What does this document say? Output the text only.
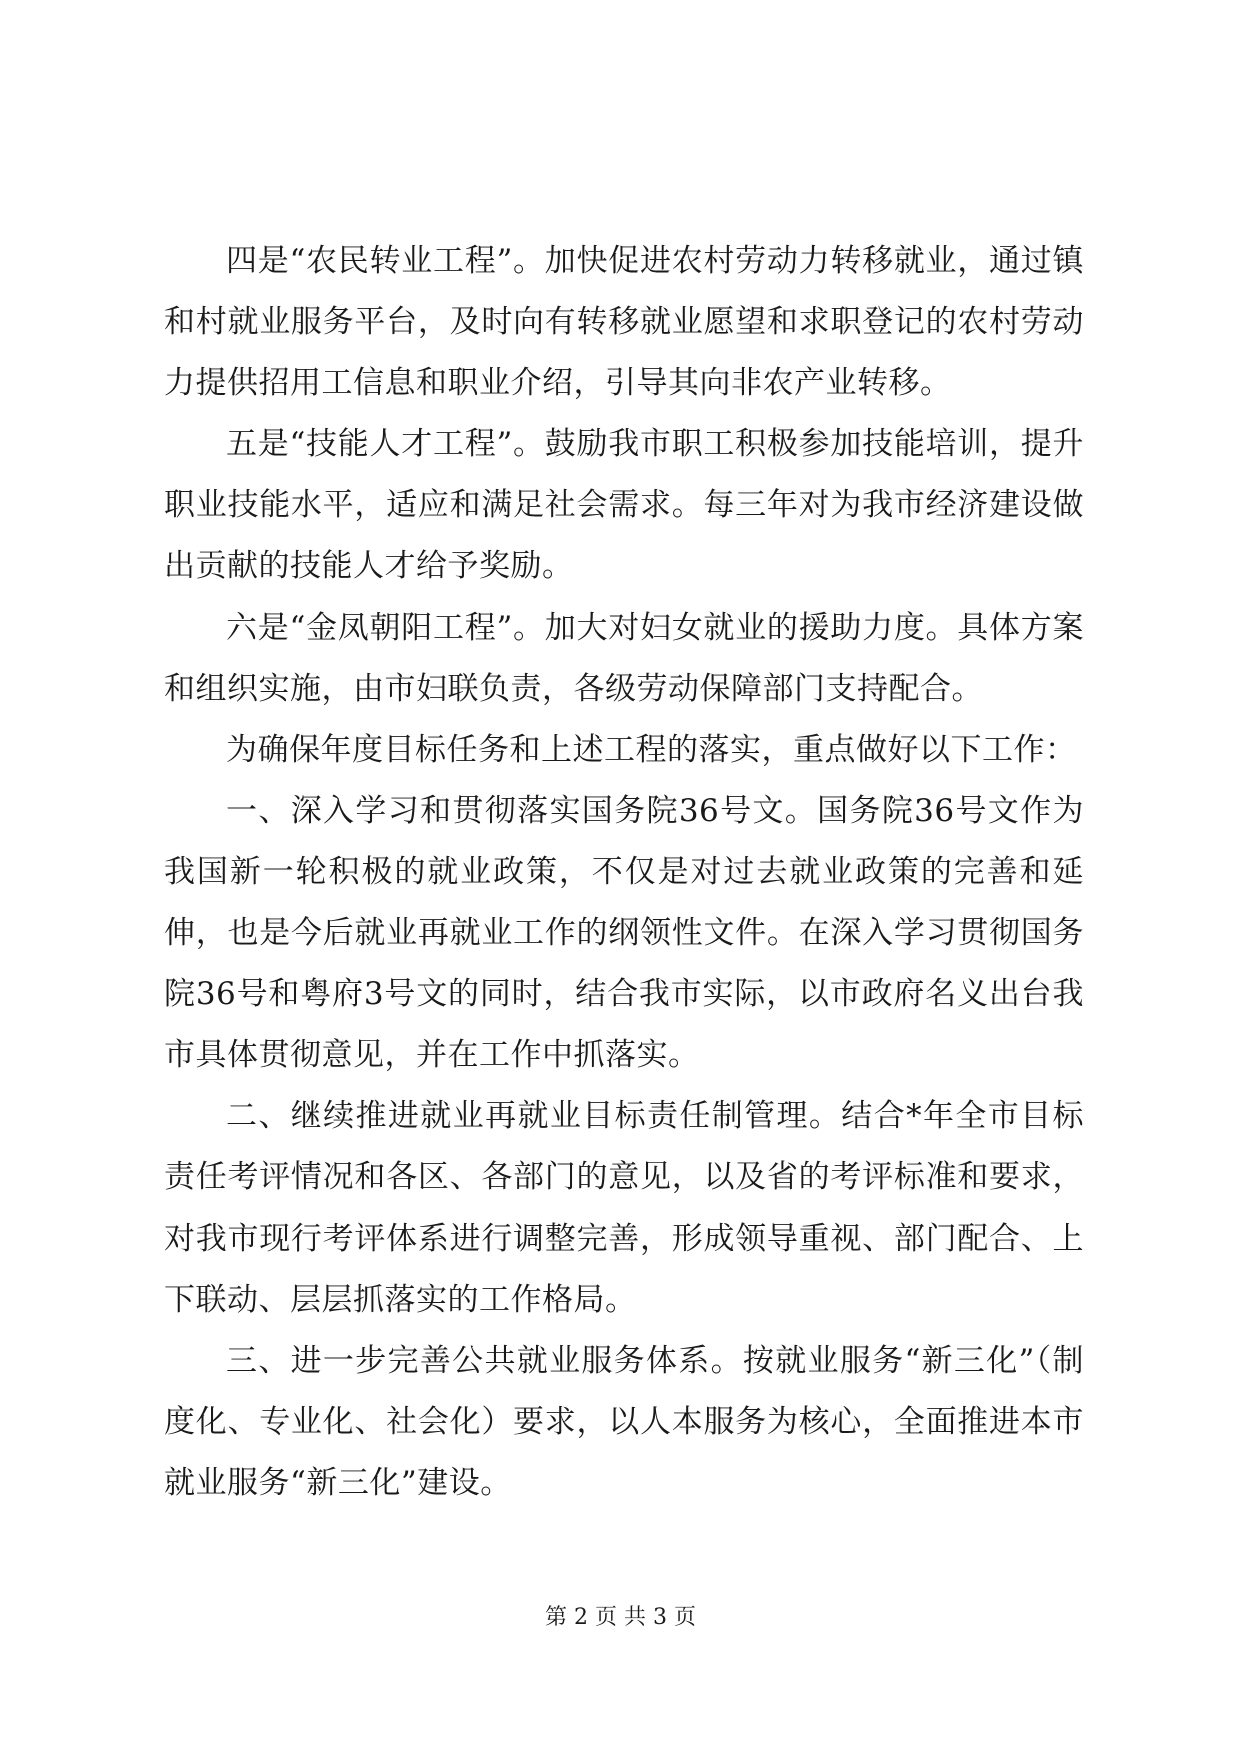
四是“农民转业工程”。加快促进农村劳动力转移就业，通过镇和村就业服务平台，及时向有转移就业愿望和求职登记的农村劳动力提供招用工信息和职业介绍，引导其向非农产业转移。

五是“技能人才工程”。鼓励我市职工积极参加技能培训，提升职业技能水平，适应和满足社会需求。每三年对为我市经济建设做出贡献的技能人才给予奖励。

六是“金凤朝阳工程”。加大对妇女就业的援助力度。具体方案和组织实施，由市妇联负责，各级劳动保障部门支持配合。

为确保年度目标任务和上述工程的落实，重点做好以下工作：

一、深入学习和贯彻落实国务院36号文。国务院36号文作为我国新一轮积极的就业政策，不仅是对过去就业政策的完善和延伸，也是今后就业再就业工作的纲领性文件。在深入学习贯彻国务院36号和粤府3号文的同时，结合我市实际，以市政府名义出台我市具体贯彻意见，并在工作中抓落实。

二、继续推进就业再就业目标责任制管理。结合*年全市目标责任考评情况和各区、各部门的意见，以及省的考评标准和要求，对我市现行考评体系进行调整完善，形成领导重视、部门配合、上下联动、层层抓落实的工作格局。

三、进一步完善公共就业服务体系。按就业服务“新三化”（制度化、专业化、社会化）要求，以人本服务为核心，全面推进本市就业服务“新三化”建设。

第 2 页 共 3 页
